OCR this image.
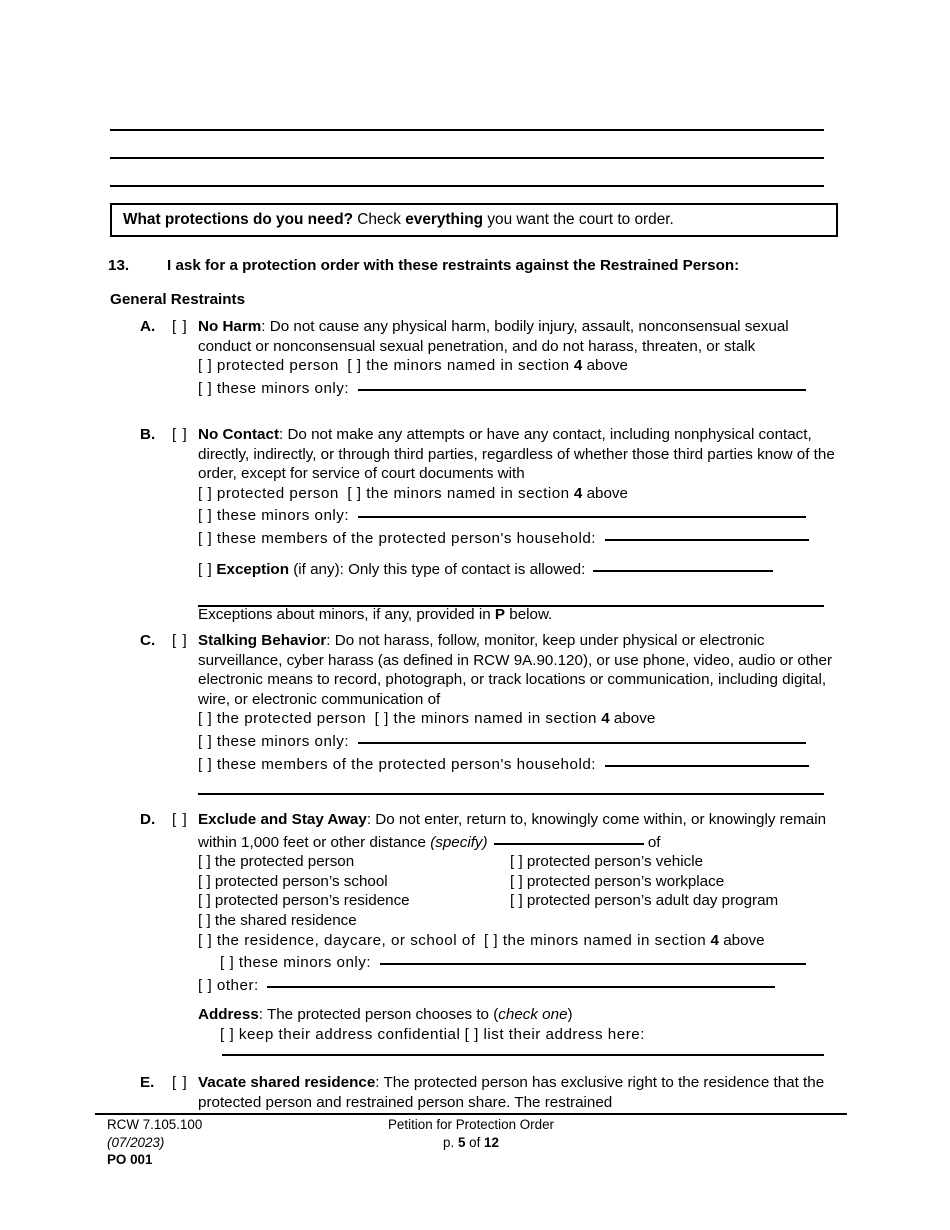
What protections do you need? Check everything you want the court to order.
13. I ask for a protection order with these restraints against the Restrained Person:
General Restraints
A. [ ] No Harm: Do not cause any physical harm, bodily injury, assault, nonconsensual sexual conduct or nonconsensual sexual penetration, and do not harass, threaten, or stalk

[ ] protected person [ ] the minors named in section 4 above

[ ] these minors only:

B. [ ] No Contact: Do not make any attempts or have any contact, including nonphysical contact, directly, indirectly, or through third parties, regardless of whether those third parties know of the order, except for service of court documents with

[ ] protected person [ ] the minors named in section 4 above

[ ] these minors only:

[ ] these members of the protected person's household:

[ ] Exception (if any): Only this type of contact is allowed:

Exceptions about minors, if any, provided in P below.

C. [ ] Stalking Behavior: Do not harass, follow, monitor, keep under physical or electronic surveillance, cyber harass (as defined in RCW 9A.90.120), or use phone, video, audio or other electronic means to record, photograph, or track locations or communication, including digital, wire, or electronic communication of

[ ] the protected person [ ] the minors named in section 4 above

[ ] these minors only:

[ ] these members of the protected person's household:

D. [ ] Exclude and Stay Away: Do not enter, return to, knowingly come within, or knowingly remain within 1,000 feet or other distance (specify)	of

[ ] the protected person

[ ] protected person’s school

[ ] protected person’s residence

[ ] the shared residence

[ ] protected person’s vehicle

[ ] protected person’s workplace

[ ] protected person’s adult day program

[ ] the residence, daycare, or school of [ ] the minors named in section 4 above

[ ] these minors only:

[ ] other:

Address: The protected person chooses to (check one)

[ ] keep their address confidential [ ] list their address here:

E. [ ] Vacate shared residence: The protected person has exclusive right to the residence that the protected person and restrained person share. The restrained

Petition for Protection Order
p. 5 of 12
RCW 7.105.100
(07/2023)
PO 001
